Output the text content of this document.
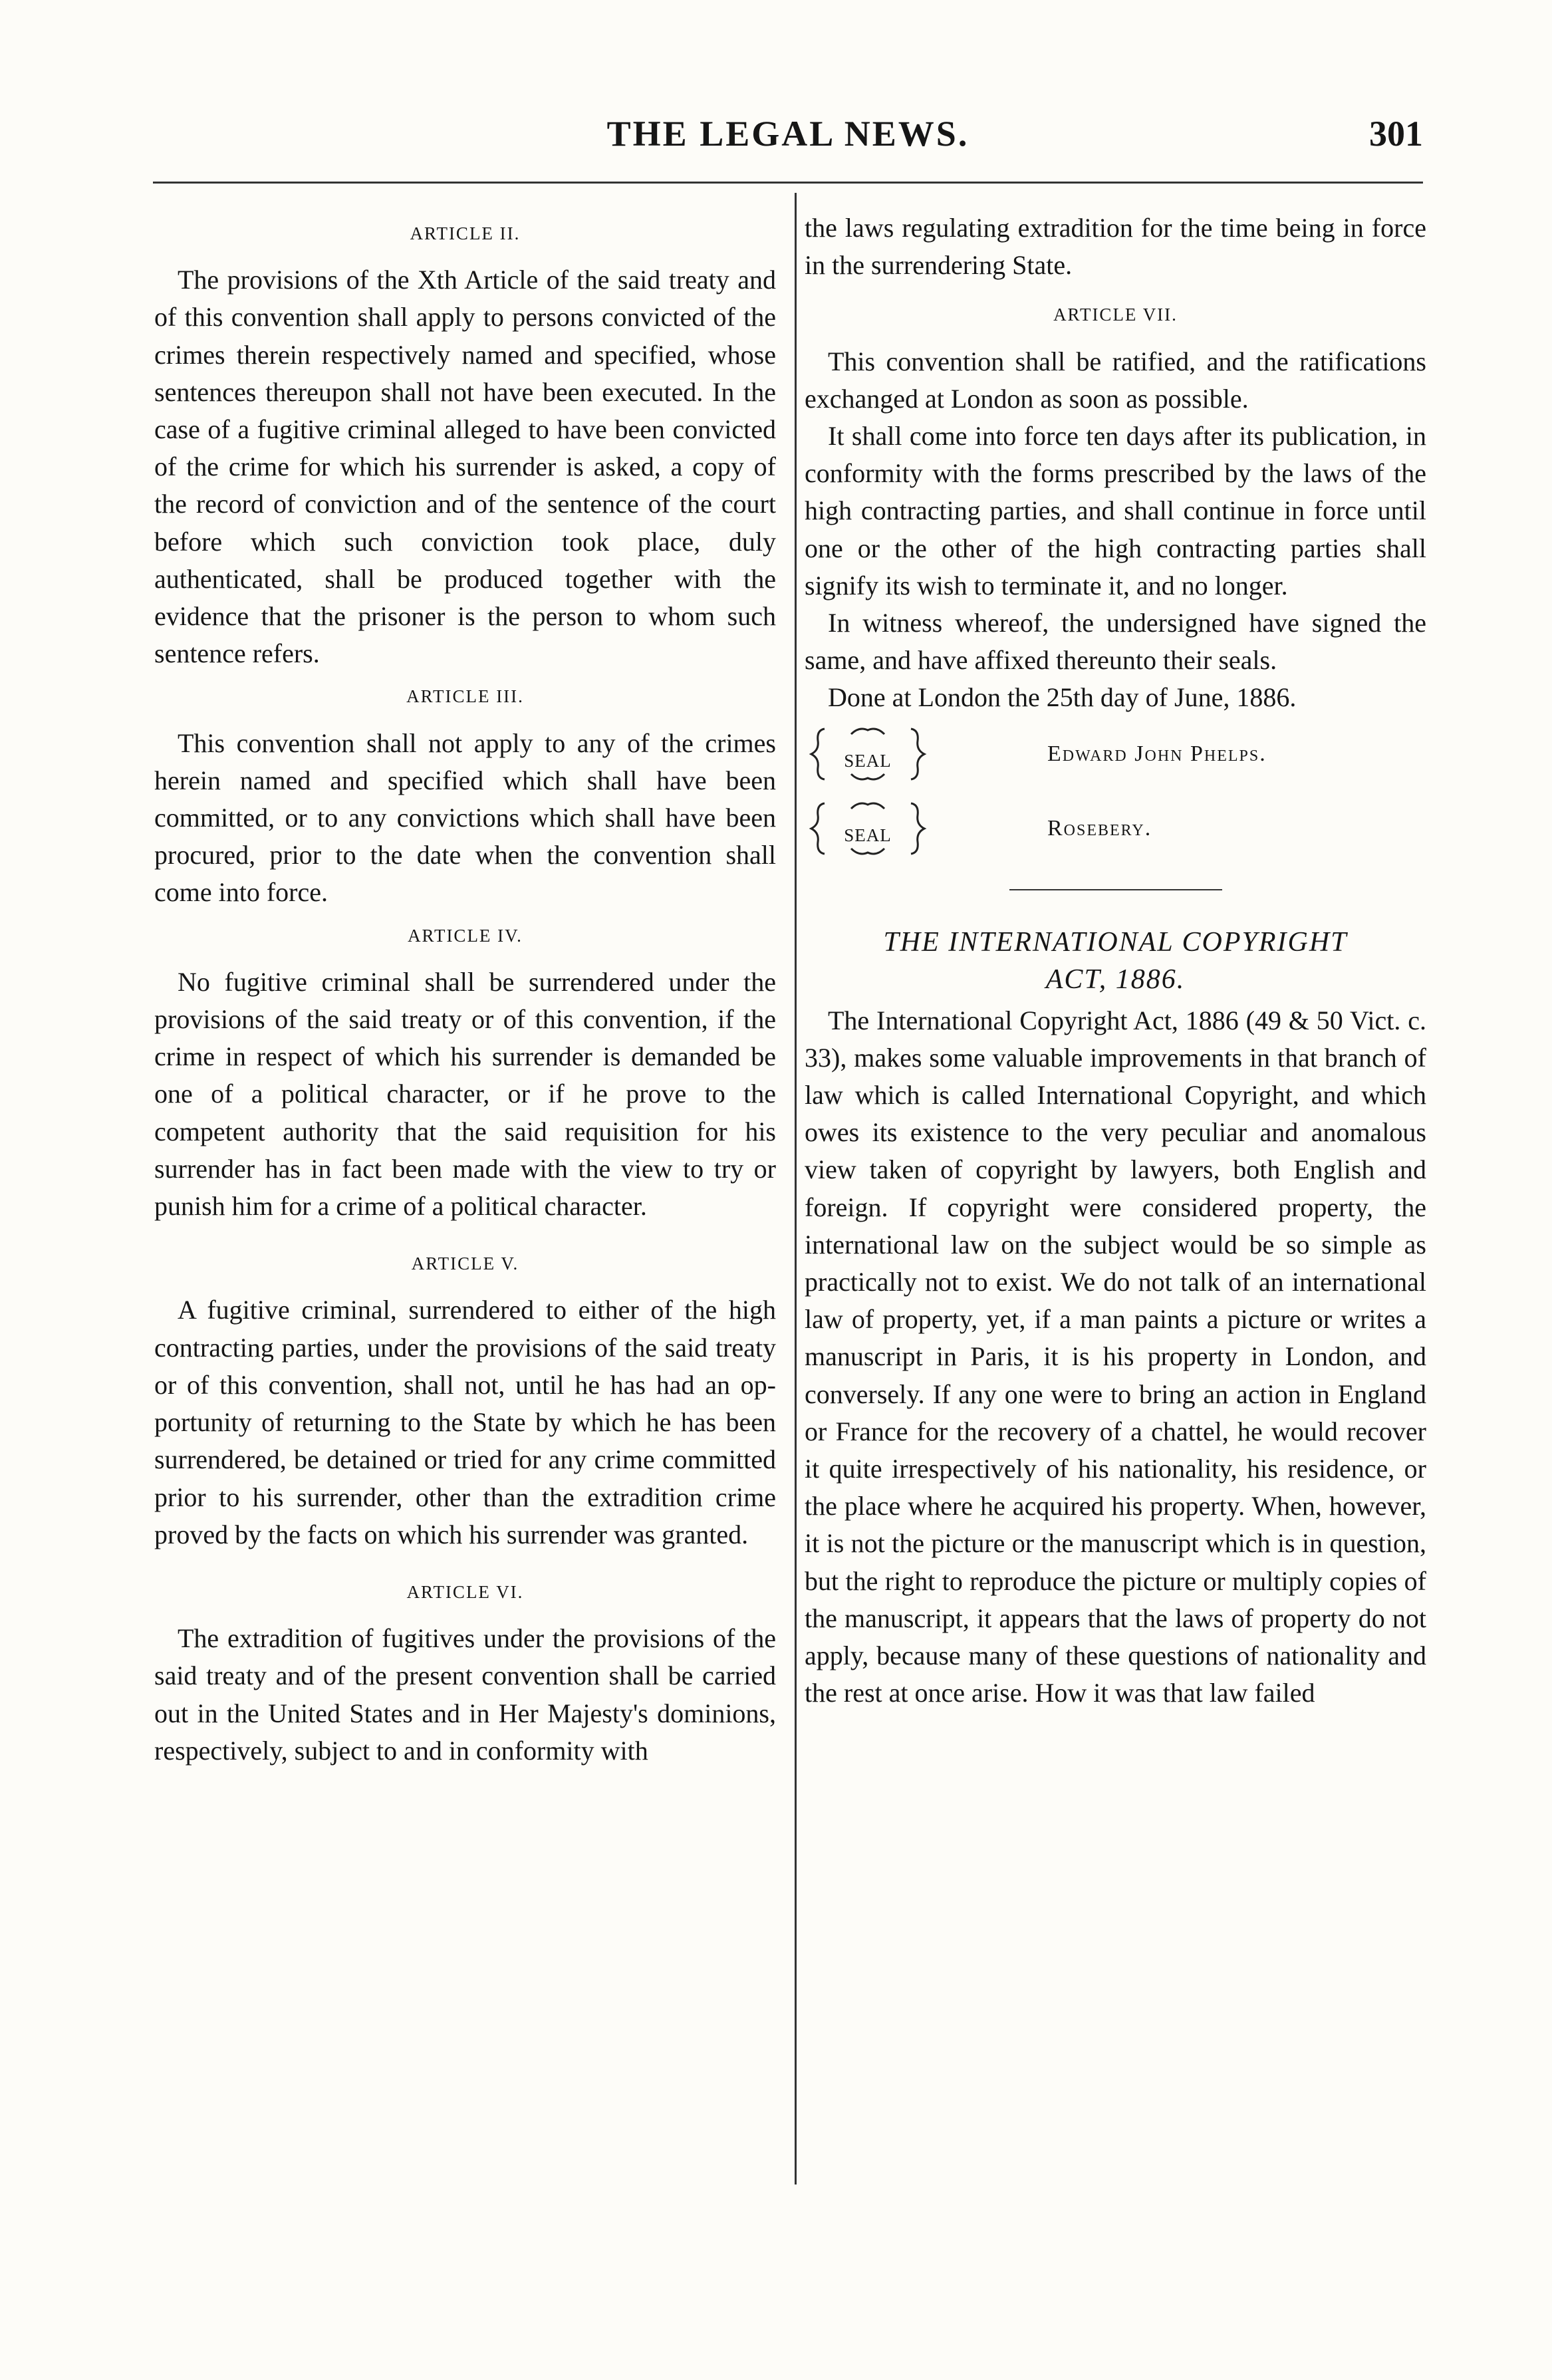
THE LEGAL NEWS.	301
ARTICLE II.

The provisions of the Xth Article of the said treaty and of this convention shall apply to persons convicted of the crimes therein respectively named and specified, whose sentences thereupon shall not have been executed. In the case of a fugitive criminal alleged to have been convicted of the crime for which his surrender is asked, a copy of the record of conviction and of the sentence of the court before which such conviction took place, duly authenticated, shall be produced together with the evidence that the prisoner is the person to whom such sentence refers.

ARTICLE III.

This convention shall not apply to any of the crimes herein named and specified which shall have been committed, or to any convictions which shall have been procured, prior to the date when the convention shall come into force.

ARTICLE IV.

No fugitive criminal shall be surrendered under the provisions of the said treaty or of this convention, if the crime in respect of which his surrender is demanded be one of a political character, or if he prove to the competent authority that the said requisition for his surrender has in fact been made with the view to try or punish him for a crime of a political character.

ARTICLE V.

A fugitive criminal, surrendered to either of the high contracting parties, under the provisions of the said treaty or of this convention, shall not, until he has had an opportunity of returning to the State by which he has been surrendered, be detained or tried for any crime committed prior to his surrender, other than the extradition crime proved by the facts on which his surrender was granted.

ARTICLE VI.

The extradition of fugitives under the provisions of the said treaty and of the present convention shall be carried out in the United States and in Her Majesty's dominions, respectively, subject to and in conformity with

the laws regulating extradition for the time being in force in the surrendering State.

ARTICLE VII.

This convention shall be ratified, and the ratifications exchanged at London as soon as possible.

It shall come into force ten days after its publication, in conformity with the forms prescribed by the laws of the high contracting parties, and shall continue in force until one or the other of the high contracting parties shall signify its wish to terminate it, and no longer.

In witness whereof, the undersigned have signed the same, and have affixed thereunto their seals.

Done at London the 25th day of June, 1886.

SEAL	Edward John Phelps.
SEAL	Rosebery.
THE INTERNATIONAL COPYRIGHT
ACT, 1886.

The International Copyright Act, 1886 (49 & 50 Vict. c. 33), makes some valuable improvements in that branch of law which is called International Copyright, and which owes its existence to the very peculiar and anomalous view taken of copyright by lawyers, both English and foreign. If copyright were considered property, the international law on the subject would be so simple as practically not to exist. We do not talk of an international law of property, yet, if a man paints a picture or writes a manuscript in Paris, it is his property in London, and conversely. If any one were to bring an action in England or France for the recovery of a chattel, he would recover it quite irrespectively of his nationality, his residence, or the place where he acquired his property. When, however, it is not the picture or the manuscript which is in question, but the right to reproduce the picture or multiply copies of the manuscript, it appears that the laws of property do not apply, because many of these questions of nationality and the rest at once arise. How it was that law failed
